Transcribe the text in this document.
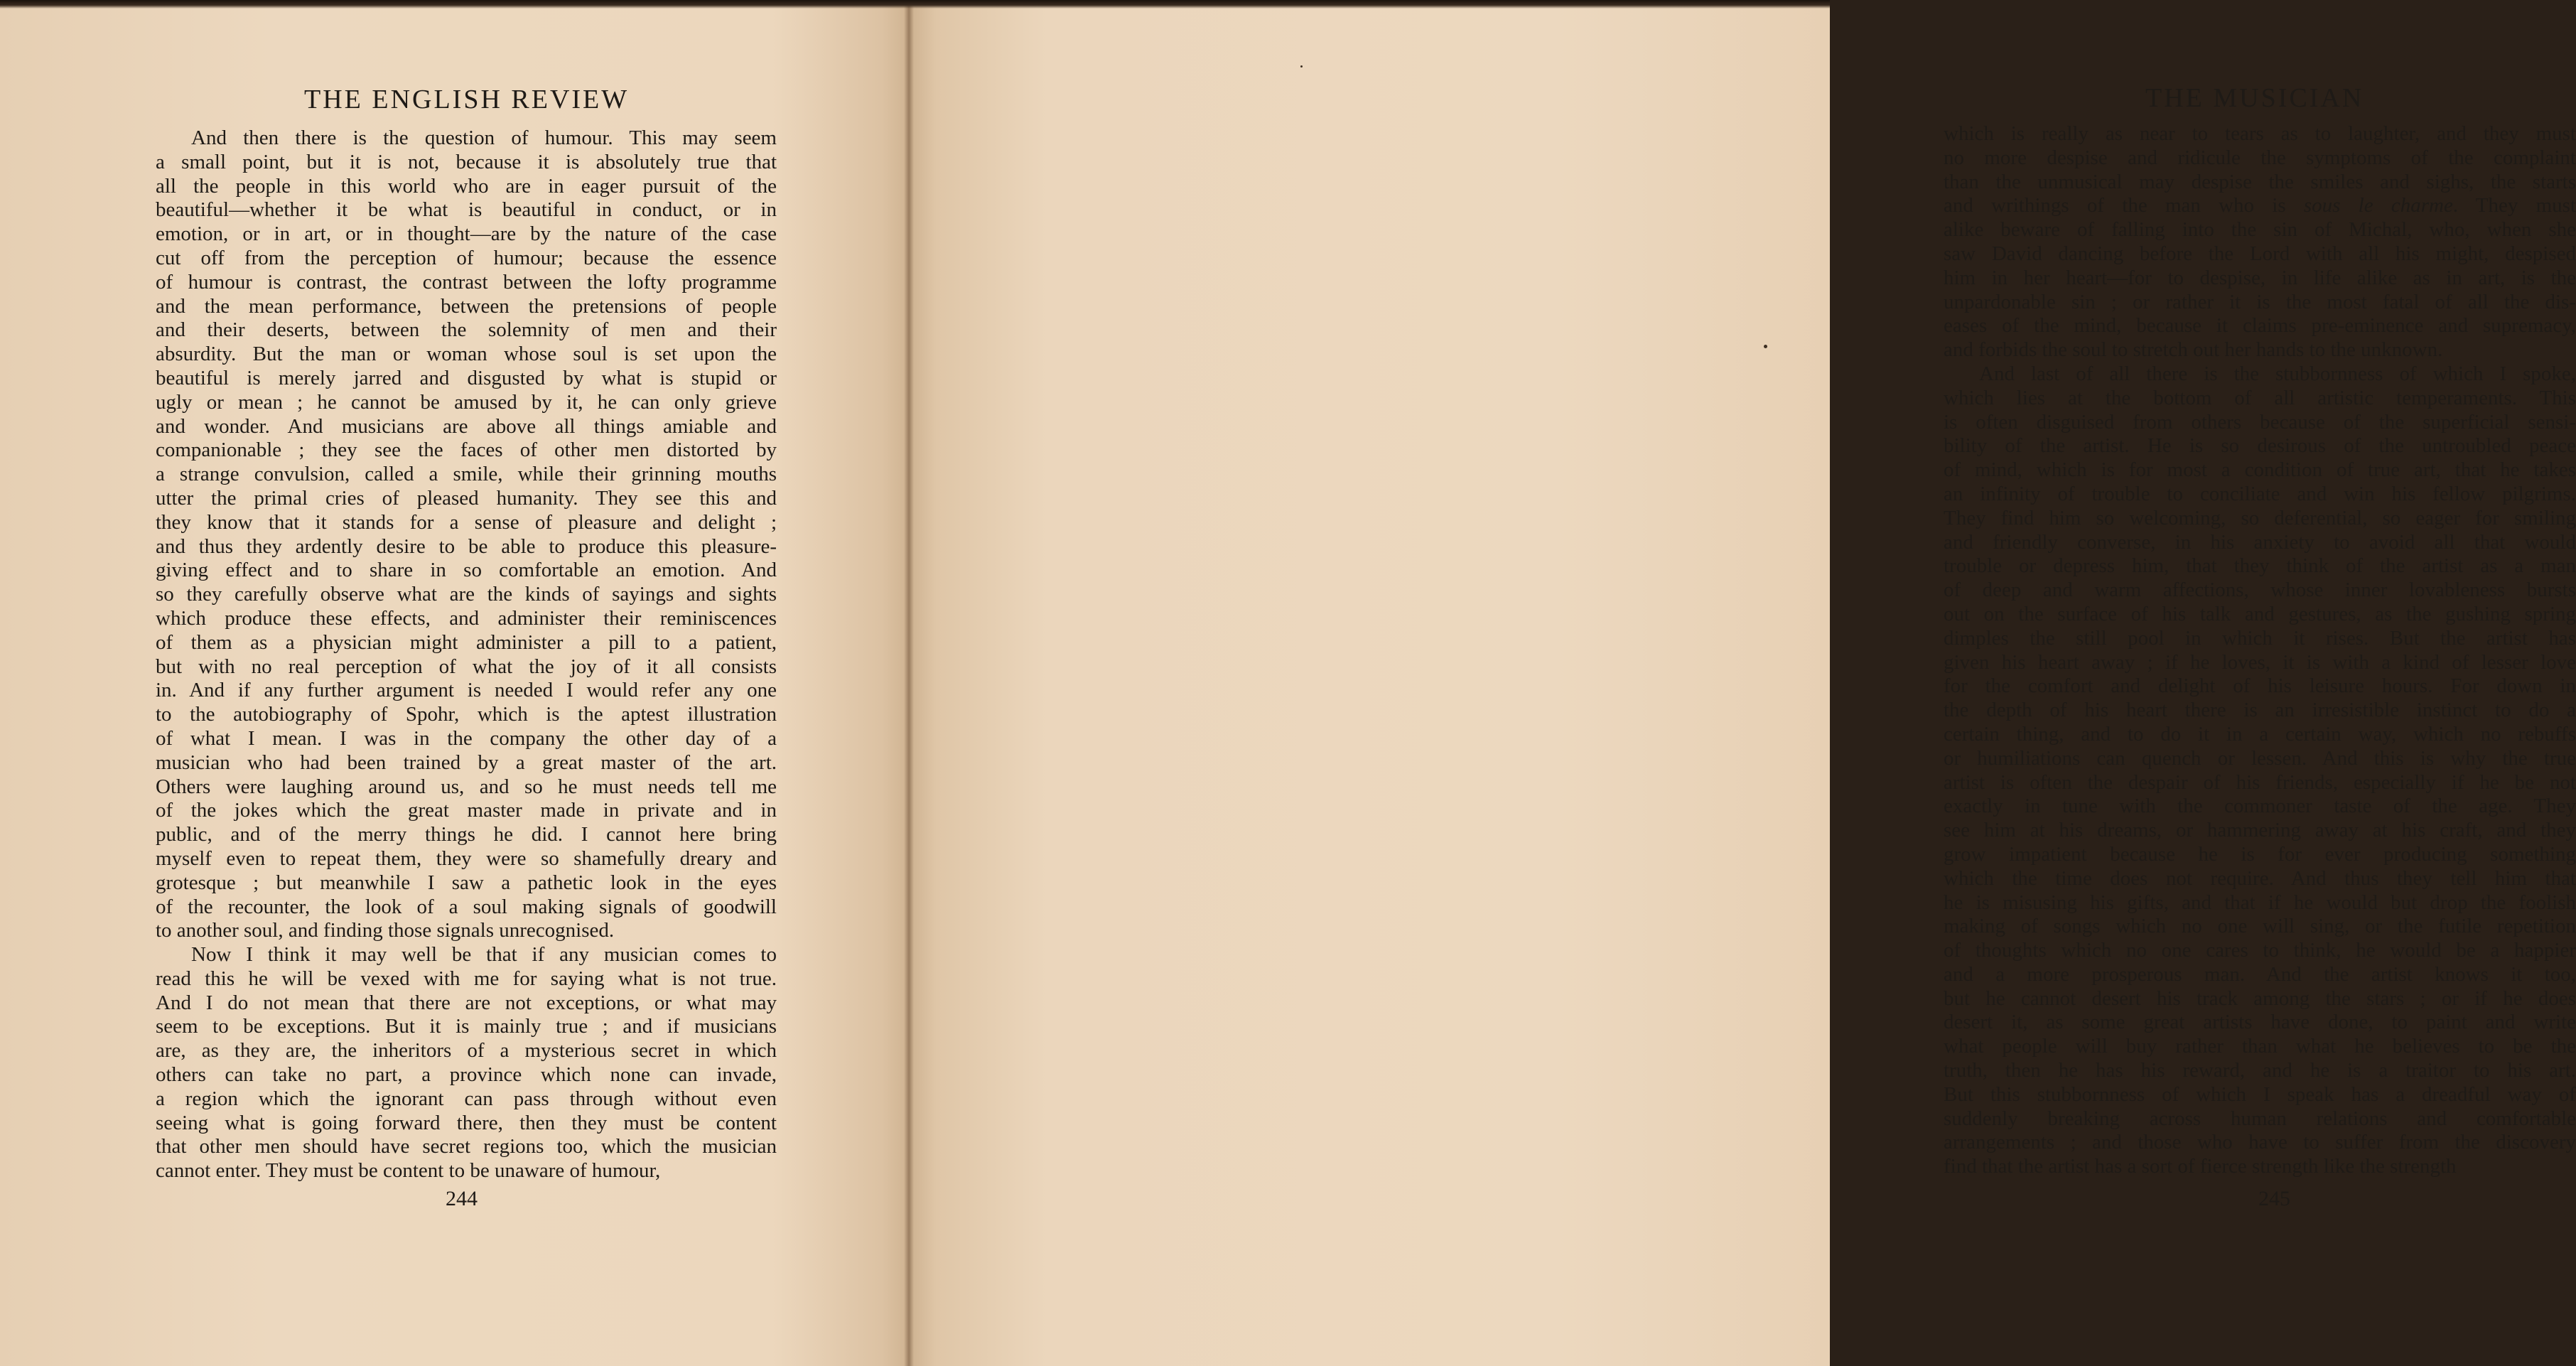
THE ENGLISH REVIEW
And then there is the question of humour. This may seem
a small point, but it is not, because it is absolutely true that
all the people in this world who are in eager pursuit of the
beautiful—whether it be what is beautiful in conduct, or in
emotion, or in art, or in thought—are by the nature of the case
cut off from the perception of humour; because the essence
of humour is contrast, the contrast between the lofty programme
and the mean performance, between the pretensions of people
and their deserts, between the solemnity of men and their
absurdity. But the man or woman whose soul is set upon the
beautiful is merely jarred and disgusted by what is stupid or
ugly or mean ; he cannot be amused by it, he can only grieve
and wonder. And musicians are above all things amiable and
companionable ; they see the faces of other men distorted by
a strange convulsion, called a smile, while their grinning mouths
utter the primal cries of pleased humanity. They see this and
they know that it stands for a sense of pleasure and delight ;
and thus they ardently desire to be able to produce this pleasure-
giving effect and to share in so comfortable an emotion. And
so they carefully observe what are the kinds of sayings and sights
which produce these effects, and administer their reminiscences
of them as a physician might administer a pill to a patient,
but with no real perception of what the joy of it all consists
in. And if any further argument is needed I would refer any one
to the autobiography of Spohr, which is the aptest illustration
of what I mean. I was in the company the other day of a
musician who had been trained by a great master of the art.
Others were laughing around us, and so he must needs tell me
of the jokes which the great master made in private and in
public, and of the merry things he did. I cannot here bring
myself even to repeat them, they were so shamefully dreary and
grotesque ; but meanwhile I saw a pathetic look in the eyes
of the recounter, the look of a soul making signals of goodwill
to another soul, and finding those signals unrecognised.
Now I think it may well be that if any musician comes to
read this he will be vexed with me for saying what is not true.
And I do not mean that there are not exceptions, or what may
seem to be exceptions. But it is mainly true ; and if musicians
are, as they are, the inheritors of a mysterious secret in which
others can take no part, a province which none can invade,
a region which the ignorant can pass through without even
seeing what is going forward there, then they must be content
that other men should have secret regions too, which the musician
cannot enter. They must be content to be unaware of humour,
244
THE MUSICIAN
which is really as near to tears as to laughter, and they must
no more despise and ridicule the symptoms of the complaint
than the unmusical may despise the smiles and sighs, the starts
and writhings of the man who is sous le charme. They must
alike beware of falling into the sin of Michal, who, when she
saw David dancing before the Lord with all his might, despised
him in her heart—for to despise, in life alike as in art, is the
unpardonable sin ; or rather it is the most fatal of all the dis-
eases of the mind, because it claims pre-eminence and supremacy,
and forbids the soul to stretch out her hands to the unknown.
And last of all there is the stubbornness of which I spoke,
which lies at the bottom of all artistic temperaments. This
is often disguised from others because of the superficial sensi-
bility of the artist. He is so desirous of the untroubled peace
of mind, which is for most a condition of true art, that he takes
an infinity of trouble to conciliate and win his fellow pilgrims.
They find him so welcoming, so deferential, so eager for smiling
and friendly converse, in his anxiety to avoid all that would
trouble or depress him, that they think of the artist as a man
of deep and warm affections, whose inner lovableness bursts
out on the surface of his talk and gestures, as the gushing spring
dimples the still pool in which it rises. But the artist has
given his heart away ; if he loves, it is with a kind of lesser love
for the comfort and delight of his leisure hours. For down in
the depth of his heart there is an irresistible instinct to do a
certain thing, and to do it in a certain way, which no rebuffs
or humiliations can quench or lessen. And this is why the true
artist is often the despair of his friends, especially if he be not
exactly in tune with the commoner taste of the age. They
see him at his dreams, or hammering away at his craft, and they
grow impatient because he is for ever producing something
which the time does not require. And thus they tell him that
he is misusing his gifts, and that if he would but drop the foolish
making of songs which no one will sing, or the futile repetition
of thoughts which no one cares to think, he would be a happier
and a more prosperous man. And the artist knows it too,
but he cannot desert his track among the stars ; or if he does
desert it, as some great artists have done, to paint and write
what people will buy rather than what he believes to be the
truth, then he has his reward, and he is a traitor to his art.
But this stubbornness of which I speak has a dreadful way of
suddenly breaking across human relations and comfortable
arrangements ; and those who have to suffer from the discovery
find that the artist has a sort of fierce strength like the strength
245
